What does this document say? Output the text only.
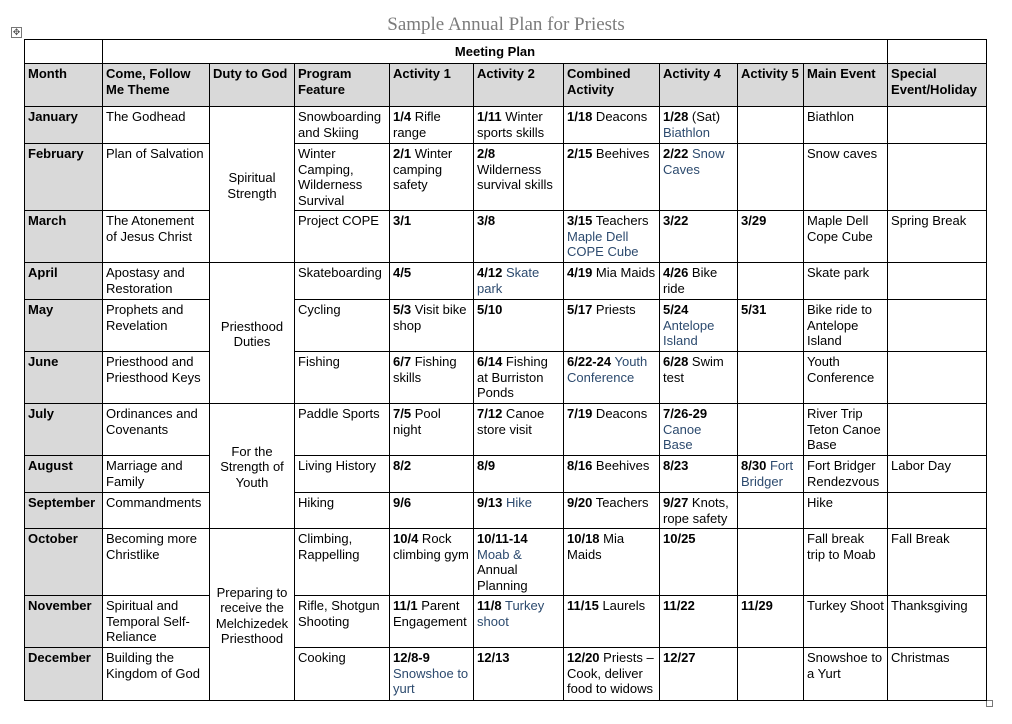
Sample Annual Plan for Priests
✥
	Meeting Plan									
Month	Come, Follow Me Theme	Duty to God	Program Feature	Activity 1	Activity 2	Combined Activity	Activity 4	Activity 5	Main Event	Special Event/Holiday
January	The Godhead	Spiritual Strength	Snowboarding and Skiing	1/4 Rifle range	1/11 Winter sports skills	1/18 Deacons	1/28 (Sat) Biathlon		Biathlon	
February	Plan of Salvation		Winter Camping, Wilderness Survival	2/1 Winter camping safety	2/8 Wilderness survival skills	2/15 Beehives	2/22 Snow Caves		Snow caves	
March	The Atonement of Jesus Christ		Project COPE	3/1	3/8	3/15 Teachers Maple Dell COPE Cube	3/22	3/29	Maple Dell Cope Cube	Spring Break
April	Apostasy and Restoration	Priesthood Duties	Skateboarding	4/5	4/12 Skate park	4/19 Mia Maids	4/26 Bike ride		Skate park	
May	Prophets and Revelation		Cycling	5/3 Visit bike shop	5/10	5/17 Priests	5/24 Antelope Island	5/31	Bike ride to Antelope Island	
June	Priesthood and Priesthood Keys		Fishing	6/7 Fishing skills	6/14 Fishing at Burriston Ponds	6/22-24 Youth Conference	6/28 Swim test		Youth Conference	
July	Ordinances and Covenants	For the Strength of Youth	Paddle Sports	7/5 Pool night	7/12 Canoe store visit	7/19 Deacons	7/26-29 Canoe Base		River Trip Teton Canoe Base	
August	Marriage and Family		Living History	8/2	8/9	8/16 Beehives	8/23	8/30 Fort Bridger	Fort Bridger Rendezvous	Labor Day
September	Commandments		Hiking	9/6	9/13 Hike	9/20 Teachers	9/27 Knots, rope safety		Hike	
October	Becoming more Christlike	Preparing to receive the Melchizedek Priesthood	Climbing, Rappelling	10/4 Rock climbing gym	10/11-14 Moab & Annual Planning	10/18 Mia Maids	10/25		Fall break trip to Moab	Fall Break
November	Spiritual and Temporal Self-Reliance		Rifle, Shotgun Shooting	11/1 Parent Engagement	11/8 Turkey shoot	11/15 Laurels	11/22	11/29	Turkey Shoot	Thanksgiving
December	Building the Kingdom of God		Cooking	12/8-9 Snowshoe to yurt	12/13	12/20 Priests – Cook, deliver food to widows	12/27		Snowshoe to a Yurt	Christmas
